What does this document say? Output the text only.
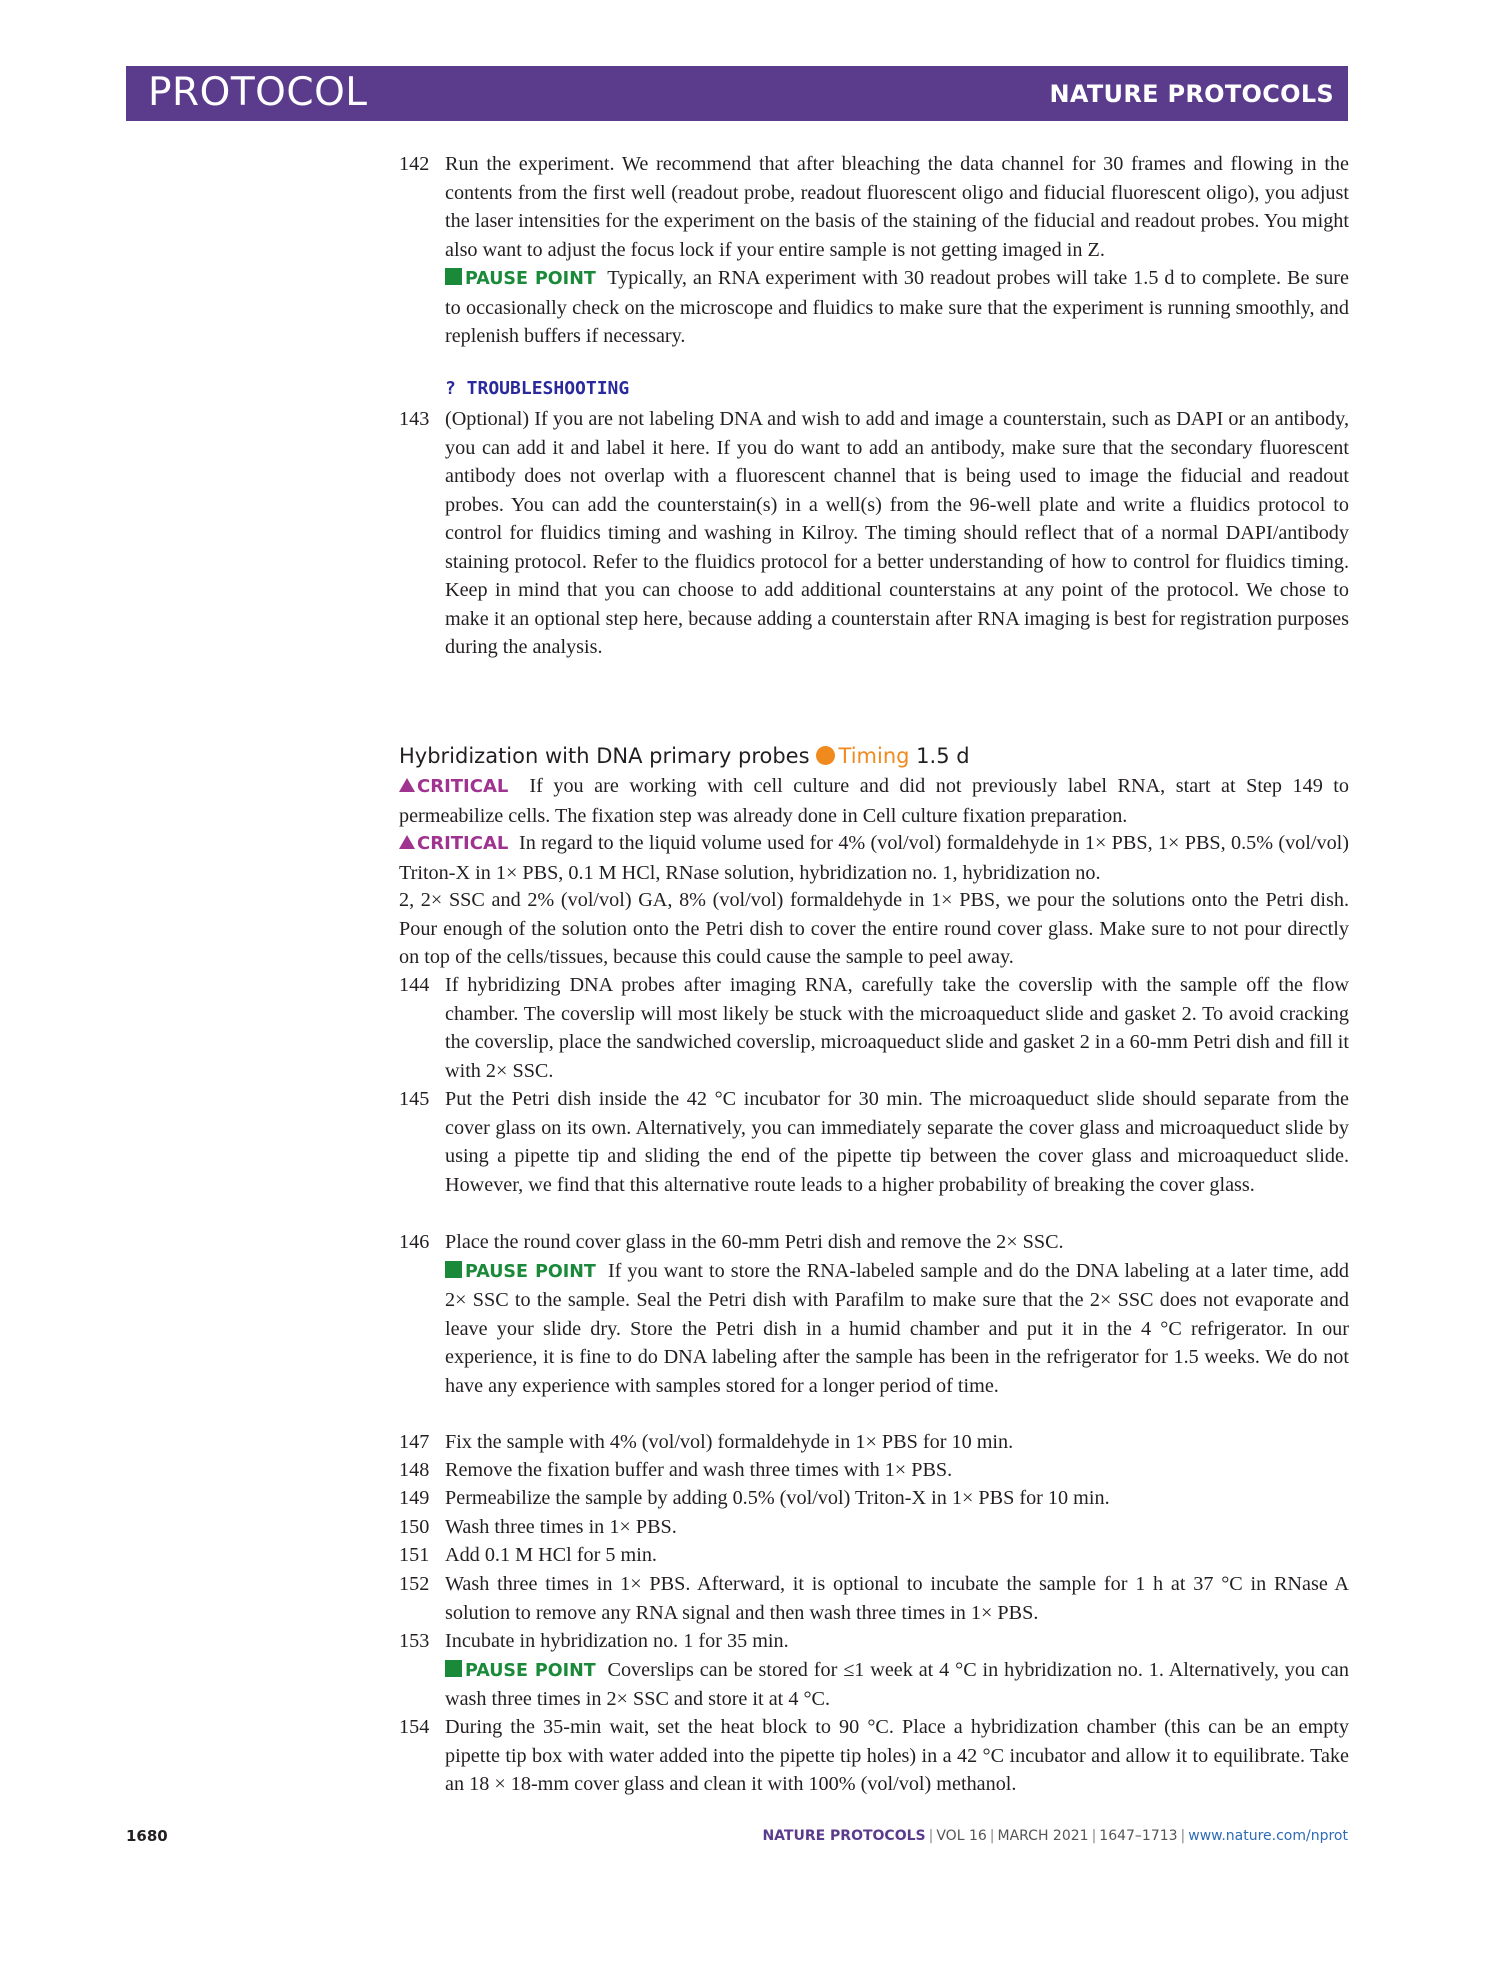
PROTOCOL	NATURE PROTOCOLS
142 Run the experiment. We recommend that after bleaching the data channel for 30 frames and flowing in the contents from the first well (readout probe, readout fluorescent oligo and fiducial fluorescent oligo), you adjust the laser intensities for the experiment on the basis of the staining of the fiducial and readout probes. You might also want to adjust the focus lock if your entire sample is not getting imaged in Z.
PAUSE POINT Typically, an RNA experiment with 30 readout probes will take 1.5 d to complete. Be sure to occasionally check on the microscope and fluidics to make sure that the experiment is running smoothly, and replenish buffers if necessary.
? TROUBLESHOOTING
143 (Optional) If you are not labeling DNA and wish to add and image a counterstain, such as DAPI or an antibody, you can add it and label it here. If you do want to add an antibody, make sure that the secondary fluorescent antibody does not overlap with a fluorescent channel that is being used to image the fiducial and readout probes. You can add the counterstain(s) in a well(s) from the 96-well plate and write a fluidics protocol to control for fluidics timing and washing in Kilroy. The timing should reflect that of a normal DAPI/antibody staining protocol. Refer to the fluidics protocol for a better understanding of how to control for fluidics timing. Keep in mind that you can choose to add additional counterstains at any point of the protocol. We chose to make it an optional step here, because adding a counterstain after RNA imaging is best for registration purposes during the analysis.
Hybridization with DNA primary probes Timing 1.5 d
CRITICAL If you are working with cell culture and did not previously label RNA, start at Step 149 to permeabilize cells. The fixation step was already done in Cell culture fixation preparation.
CRITICAL In regard to the liquid volume used for 4% (vol/vol) formaldehyde in 1× PBS, 1× PBS, 0.5% (vol/vol) Triton-X in 1× PBS, 0.1 M HCl, RNase solution, hybridization no. 1, hybridization no.
2, 2× SSC and 2% (vol/vol) GA, 8% (vol/vol) formaldehyde in 1× PBS, we pour the solutions onto the Petri dish. Pour enough of the solution onto the Petri dish to cover the entire round cover glass. Make sure to not pour directly on top of the cells/tissues, because this could cause the sample to peel away.
144 If hybridizing DNA probes after imaging RNA, carefully take the coverslip with the sample off the flow chamber. The coverslip will most likely be stuck with the microaqueduct slide and gasket 2. To avoid cracking the coverslip, place the sandwiched coverslip, microaqueduct slide and gasket 2 in a 60-mm Petri dish and fill it with 2× SSC.
145 Put the Petri dish inside the 42 °C incubator for 30 min. The microaqueduct slide should separate from the cover glass on its own. Alternatively, you can immediately separate the cover glass and microaqueduct slide by using a pipette tip and sliding the end of the pipette tip between the cover glass and microaqueduct slide. However, we find that this alternative route leads to a higher probability of breaking the cover glass.
146 Place the round cover glass in the 60-mm Petri dish and remove the 2× SSC.
PAUSE POINT If you want to store the RNA-labeled sample and do the DNA labeling at a later time, add 2× SSC to the sample. Seal the Petri dish with Parafilm to make sure that the 2× SSC does not evaporate and leave your slide dry. Store the Petri dish in a humid chamber and put it in the 4 °C refrigerator. In our experience, it is fine to do DNA labeling after the sample has been in the refrigerator for 1.5 weeks. We do not have any experience with samples stored for a longer period of time.
147 Fix the sample with 4% (vol/vol) formaldehyde in 1× PBS for 10 min.
148 Remove the fixation buffer and wash three times with 1× PBS.
149 Permeabilize the sample by adding 0.5% (vol/vol) Triton-X in 1× PBS for 10 min.
150 Wash three times in 1× PBS.
151 Add 0.1 M HCl for 5 min.
152 Wash three times in 1× PBS. Afterward, it is optional to incubate the sample for 1 h at 37 °C in RNase A solution to remove any RNA signal and then wash three times in 1× PBS.
153 Incubate in hybridization no. 1 for 35 min.
PAUSE POINT Coverslips can be stored for ≤1 week at 4 °C in hybridization no. 1. Alternatively, you can wash three times in 2× SSC and store it at 4 °C.
154 During the 35-min wait, set the heat block to 90 °C. Place a hybridization chamber (this can be an empty pipette tip box with water added into the pipette tip holes) in a 42 °C incubator and allow it to equilibrate. Take an 18 × 18-mm cover glass and clean it with 100% (vol/vol) methanol.
1680	NATURE PROTOCOLS | VOL 16 | MARCH 2021 | 1647–1713 | www.nature.com/nprot
